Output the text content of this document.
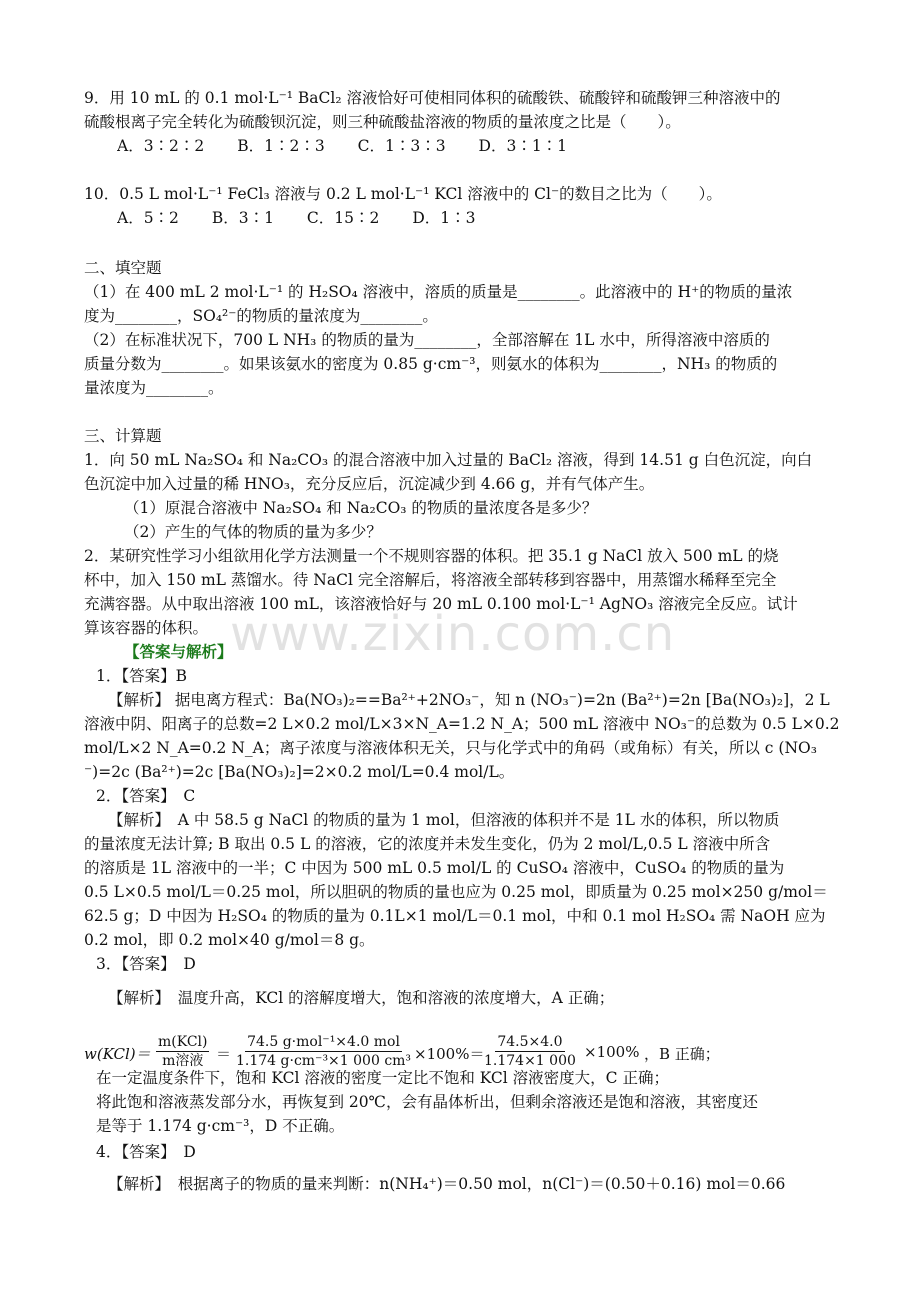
9．用 10 mL 的 0.1 mol·L⁻¹ BaCl₂ 溶液恰好可使相同体积的硫酸铁、硫酸锌和硫酸钾三种溶液中的
硫酸根离子完全转化为硫酸钡沉淀，则三种硫酸盐溶液的物质的量浓度之比是（　　）。
A．3∶2∶2 B．1∶2∶3 C．1∶3∶3 D．3∶1∶1
10．0.5 L mol·L⁻¹ FeCl₃ 溶液与 0.2 L mol·L⁻¹ KCl 溶液中的 Cl⁻的数目之比为（　　）。
A．5∶2 B．3∶1 C．15∶2 D．1∶3
二、填空题
（1）在 400 mL 2 mol·L⁻¹ 的 H₂SO₄ 溶液中，溶质的质量是________。此溶液中的 H⁺的物质的量浓
度为________，SO₄²⁻的物质的量浓度为________。
（2）在标准状况下，700 L NH₃ 的物质的量为________，全部溶解在 1L 水中，所得溶液中溶质的
质量分数为________。如果该氨水的密度为 0.85 g·cm⁻³，则氨水的体积为________，NH₃ 的物质的
量浓度为________。
三、计算题
1．向 50 mL Na₂SO₄ 和 Na₂CO₃ 的混合溶液中加入过量的 BaCl₂ 溶液，得到 14.51 g 白色沉淀，向白
色沉淀中加入过量的稀 HNO₃，充分反应后，沉淀减少到 4.66 g，并有气体产生。
（1）原混合溶液中 Na₂SO₄ 和 Na₂CO₃ 的物质的量浓度各是多少？
（2）产生的气体的物质的量为多少？
2．某研究性学习小组欲用化学方法测量一个不规则容器的体积。把 35.1 g NaCl 放入 500 mL 的烧
杯中，加入 150 mL 蒸馏水。待 NaCl 完全溶解后，将溶液全部转移到容器中，用蒸馏水稀释至完全
充满容器。从中取出溶液 100 mL，该溶液恰好与 20 mL 0.100 mol·L⁻¹ AgNO₃ 溶液完全反应。试计
算该容器的体积。 www.zixin.com.cn
【答案与解析】
1．【答案】B
【解析】 据电离方程式：Ba(NO₃)₂==Ba²⁺+2NO₃⁻，知 n (NO₃⁻)=2n (Ba²⁺)=2n [Ba(NO₃)₂]，2 L
溶液中阴、阳离子的总数=2 L×0.2 mol/L×3×N_A=1.2 N_A；500 mL 溶液中 NO₃⁻的总数为 0.5 L×0.2
mol/L×2 N_A=0.2 N_A；离子浓度与溶液体积无关，只与化学式中的角码（或角标）有关，所以 c (NO₃
⁻)=2c (Ba²⁺)=2c [Ba(NO₃)₂]=2×0.2 mol/L=0.4 mol/L。
2．【答案】　C
【解析】　A 中 58.5 g NaCl 的物质的量为 1 mol，但溶液的体积并不是 1L 水的体积，所以物质
的量浓度无法计算; B 取出 0.5 L 的溶液，它的浓度并未发生变化，仍为 2 mol/L,0.5 L 溶液中所含
的溶质是 1L 溶液中的一半；C 中因为 500 mL 0.5 mol/L 的 CuSO₄ 溶液中，CuSO₄ 的物质的量为
0.5 L×0.5 mol/L＝0.25 mol，所以胆矾的物质的量也应为 0.25 mol，即质量为 0.25 mol×250 g/mol＝
62.5 g；D 中因为 H₂SO₄ 的物质的量为 0.1L×1 mol/L＝0.1 mol，中和 0.1 mol H₂SO₄ 需 NaOH 应为
0.2 mol，即 0.2 mol×40 g/mol＝8 g。
3．【答案】　D
【解析】　温度升高，KCl 的溶解度增大，饱和溶液的浓度增大，A 正确；
w(KCl)＝
m(KCl)
m溶液 ＝
74.5 g·mol⁻¹×4.0 mol
1.174 g·cm⁻³×1 000 cm³ ×100%＝
$\frac{74.5\times 4.0}{1.174\times 1 000} \times 100\%$ ，B 正确；
在一定温度条件下，饱和 KCl 溶液的密度一定比不饱和 KCl 溶液密度大，C 正确；
将此饱和溶液蒸发部分水，再恢复到 20℃，会有晶体析出，但剩余溶液还是饱和溶液，其密度还
是等于 1.174 g·cm⁻³，D 不正确。
4．【答案】　D
【解析】　根据离子的物质的量来判断：n(NH₄⁺)＝0.50 mol，n(Cl⁻)＝(0.50＋0.16) mol＝0.66
